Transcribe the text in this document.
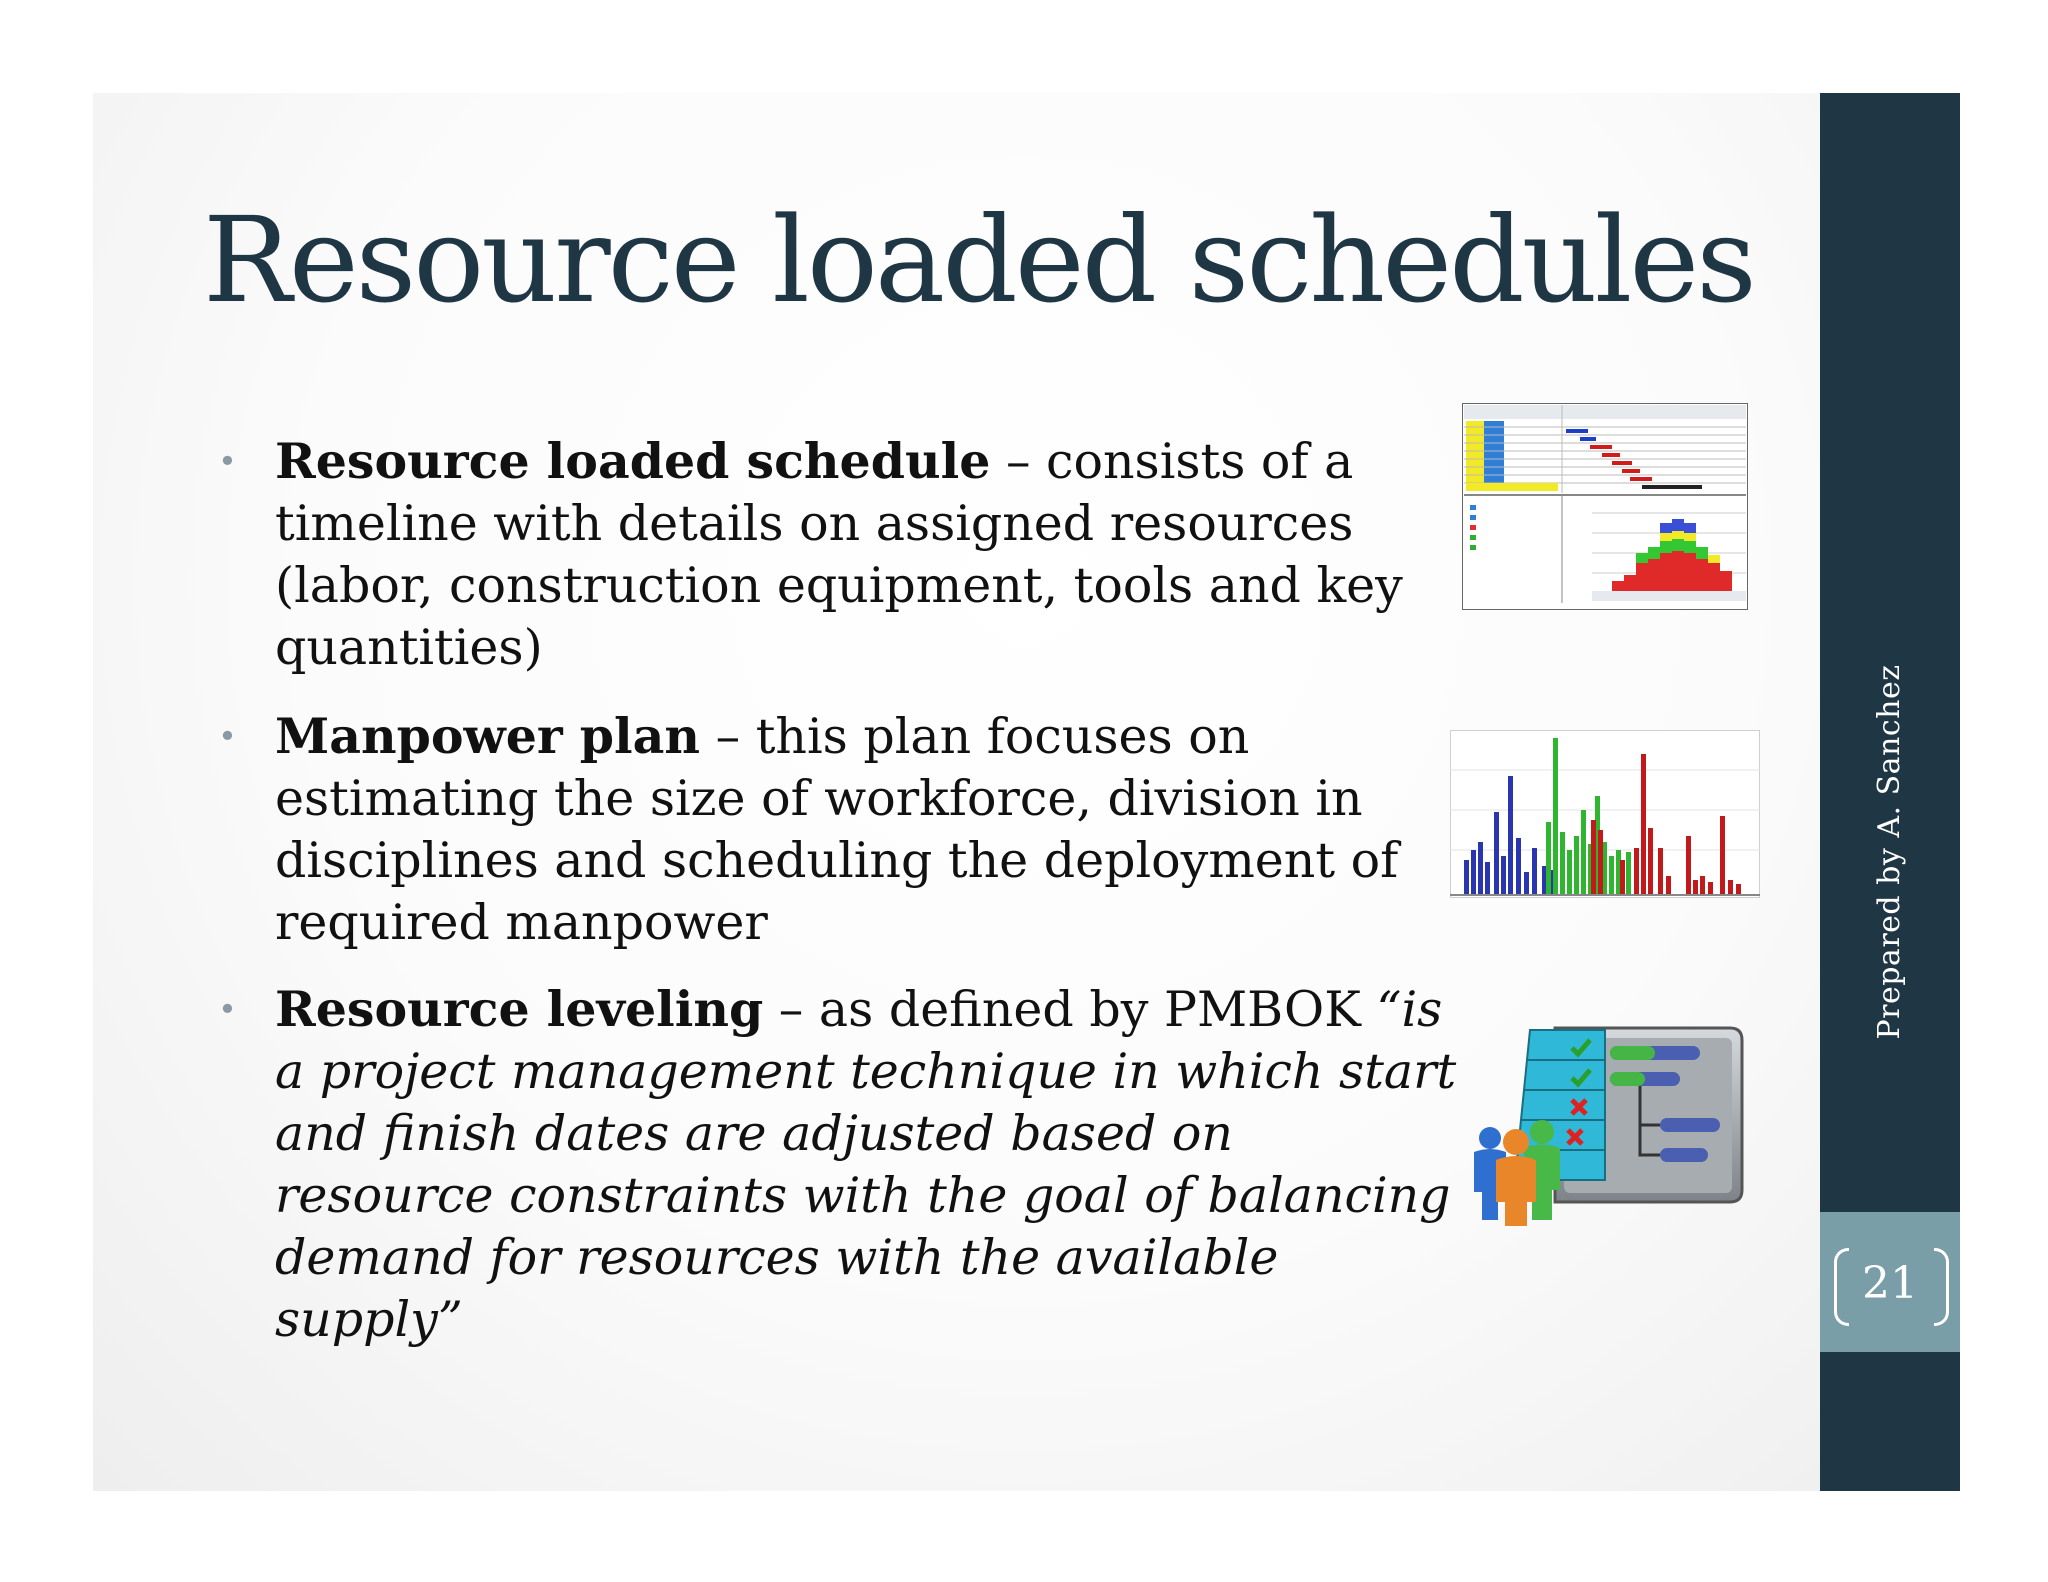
21
Prepared by A. Sanchez
Resource loaded schedules
• Resource loaded schedule – consists of a timeline with details on assigned resources (labor, construction equipment, tools and key quantities)
• Manpower plan – this plan focuses on estimating the size of workforce, division in disciplines and scheduling the deployment of required manpower
• Resource leveling – as defined by PMBOK “is a project management technique in which start and finish dates are adjusted based on resource constraints with the goal of balancing demand for resources with the available supply”
